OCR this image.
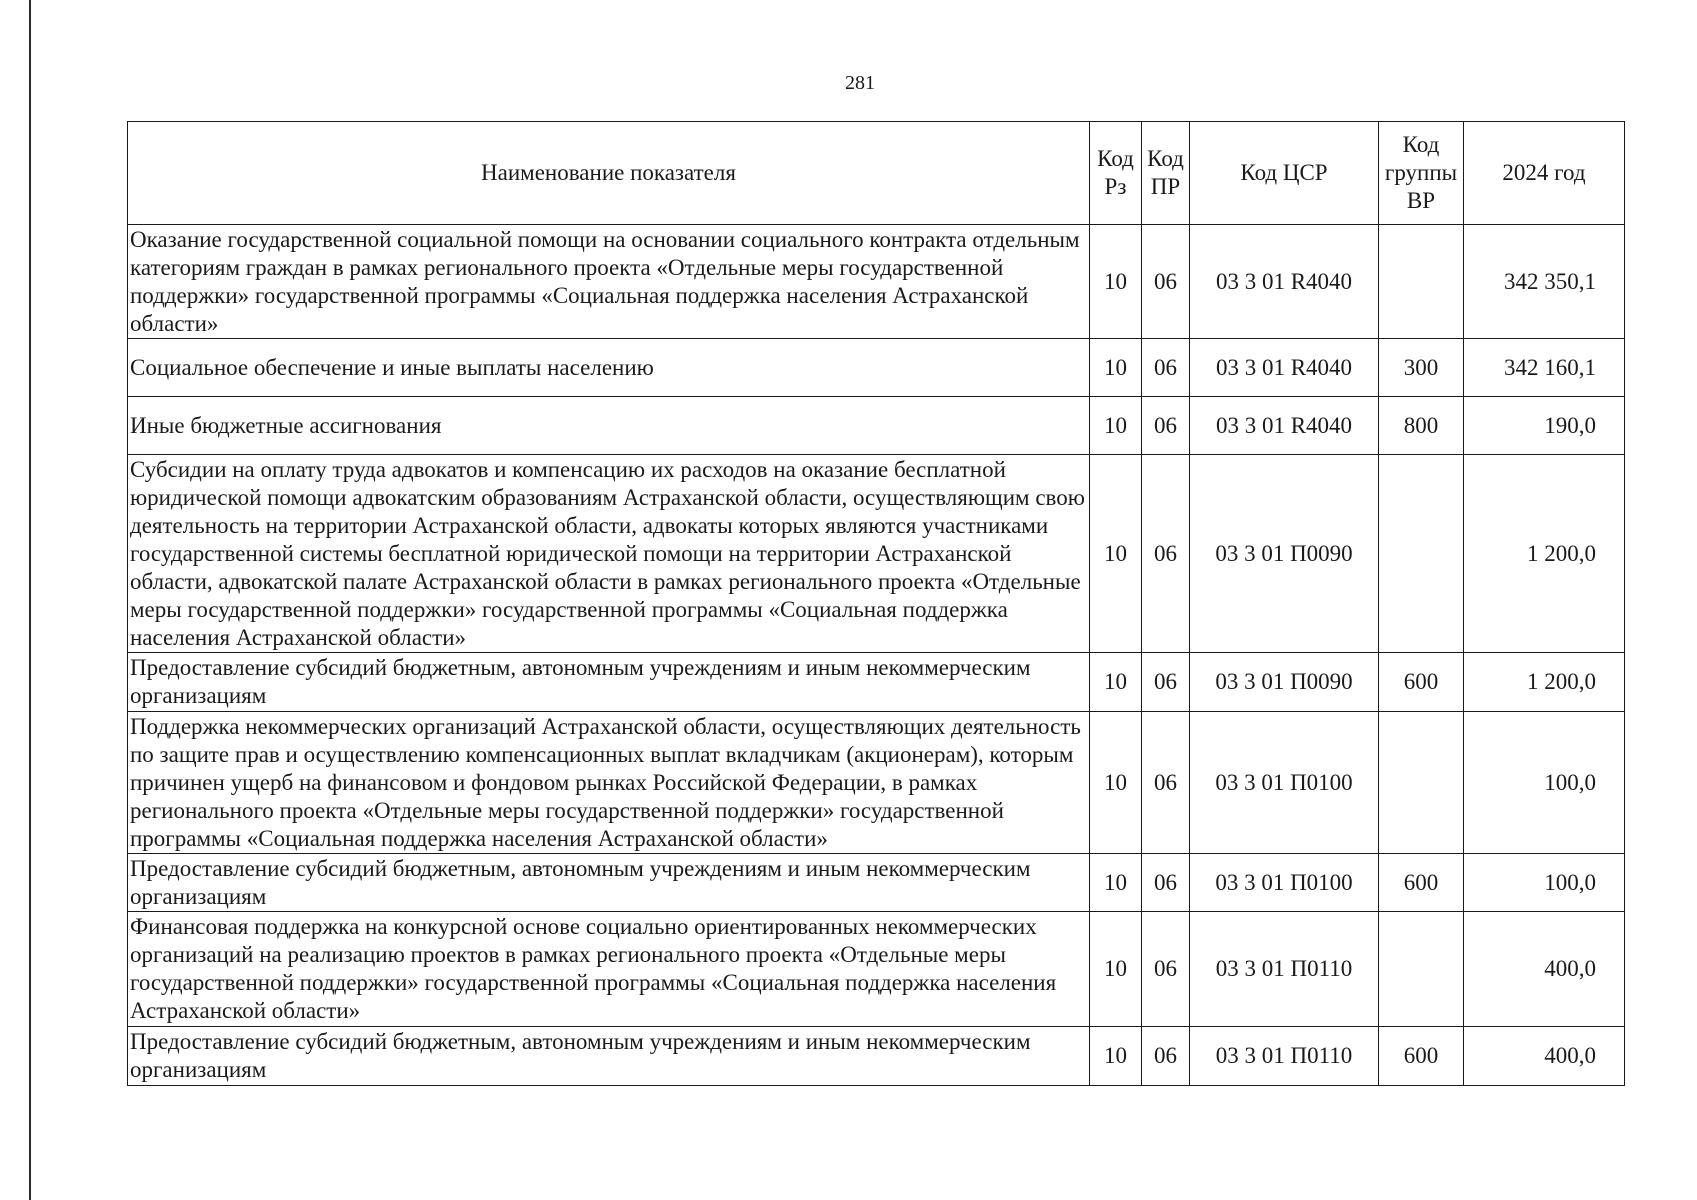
281
Наименование показателя	Код Рз	Код ПР	Код ЦСР	Код группы ВР	2024 год
Оказание государственной социальной помощи на основании социального контракта отдельным категориям граждан в рамках регионального проекта «Отдельные меры государственной поддержки» государственной программы «Социальная поддержка населения Астраханской области»	10	06	03 3 01 R4040		342 350,1
Социальное обеспечение и иные выплаты населению	10	06	03 3 01 R4040	300	342 160,1
Иные бюджетные ассигнования	10	06	03 3 01 R4040	800	190,0
Субсидии на оплату труда адвокатов и компенсацию их расходов на оказание бесплатной юридической помощи адвокатским образованиям Астраханской области, осуществляющим свою деятельность на территории Астраханской области, адвокаты которых являются участниками государственной системы бесплатной юридической помощи на территории Астраханской области, адвокатской палате Астраханской области в рамках регионального проекта «Отдельные меры государственной поддержки» государственной программы «Социальная поддержка населения Астраханской области»	10	06	03 3 01 П0090		1 200,0
Предоставление субсидий бюджетным, автономным учреждениям и иным некоммерческим организациям	10	06	03 3 01 П0090	600	1 200,0
Поддержка некоммерческих организаций Астраханской области, осуществляющих деятельность по защите прав и осуществлению компенсационных выплат вкладчикам (акционерам), которым причинен ущерб на финансовом и фондовом рынках Российской Федерации, в рамках регионального проекта «Отдельные меры государственной поддержки» государственной программы «Социальная поддержка населения Астраханской области»	10	06	03 3 01 П0100		100,0
Предоставление субсидий бюджетным, автономным учреждениям и иным некоммерческим организациям	10	06	03 3 01 П0100	600	100,0
Финансовая поддержка на конкурсной основе социально ориентированных некоммерческих организаций на реализацию проектов в рамках регионального проекта «Отдельные меры государственной поддержки» государственной программы «Социальная поддержка населения Астраханской области»	10	06	03 3 01 П0110		400,0
Предоставление субсидий бюджетным, автономным учреждениям и иным некоммерческим организациям	10	06	03 3 01 П0110	600	400,0
